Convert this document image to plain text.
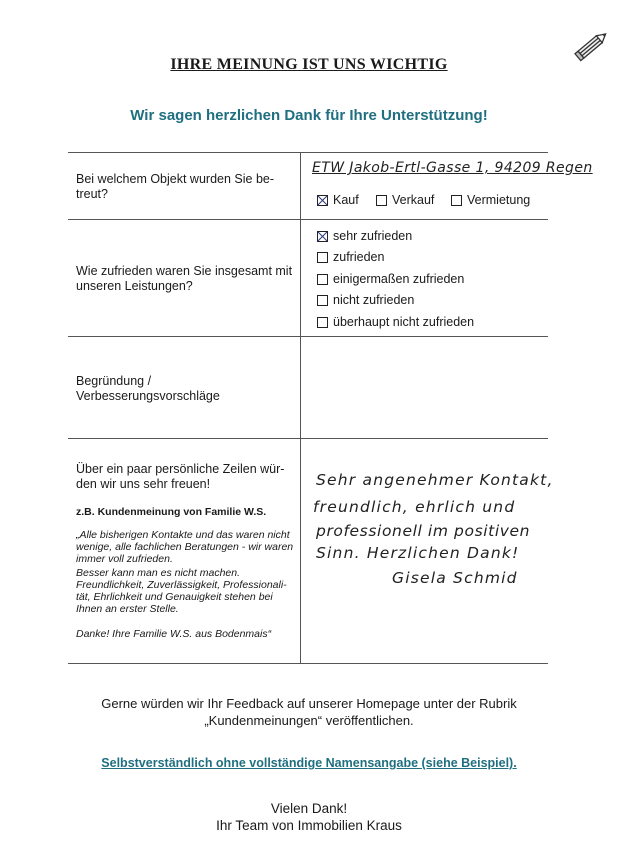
IHRE MEINUNG IST UNS WICHTIG
Wir sagen herzlichen Dank für Ihre Unterstützung!
Bei welchem Objekt wurden Sie be-treut?
ETW Jakob-Ertl-Gasse 1, 94209 Regen
Kauf	Verkauf	Vermietung
Wie zufrieden waren Sie insgesamt mit unseren Leistungen?
sehr zufrieden
zufrieden
einigermaßen zufrieden
nicht zufrieden
überhaupt nicht zufrieden
Begründung / Verbesserungsvorschläge
Über ein paar persönliche Zeilen wür-den wir uns sehr freuen!
z.B. Kundenmeinung von Familie W.S.
„Alle bisherigen Kontakte und das waren nicht wenige, alle fachlichen Beratungen - wir waren immer voll zufrieden.
Besser kann man es nicht machen.
Freundlichkeit, Zuverlässigkeit, Professionali-tät, Ehrlichkeit und Genauigkeit stehen bei Ihnen an erster Stelle.
Danke! Ihre Familie W.S. aus Bodenmais“
Sehr angenehmer Kontakt,
freundlich, ehrlich und
professionell im positiven
Sinn. Herzlichen Dank!
Gisela Schmid
Gerne würden wir Ihr Feedback auf unserer Homepage unter der Rubrik
„Kundenmeinungen“ veröffentlichen.
Selbstverständlich ohne vollständige Namensangabe (siehe Beispiel).
Vielen Dank!
Ihr Team von Immobilien Kraus
